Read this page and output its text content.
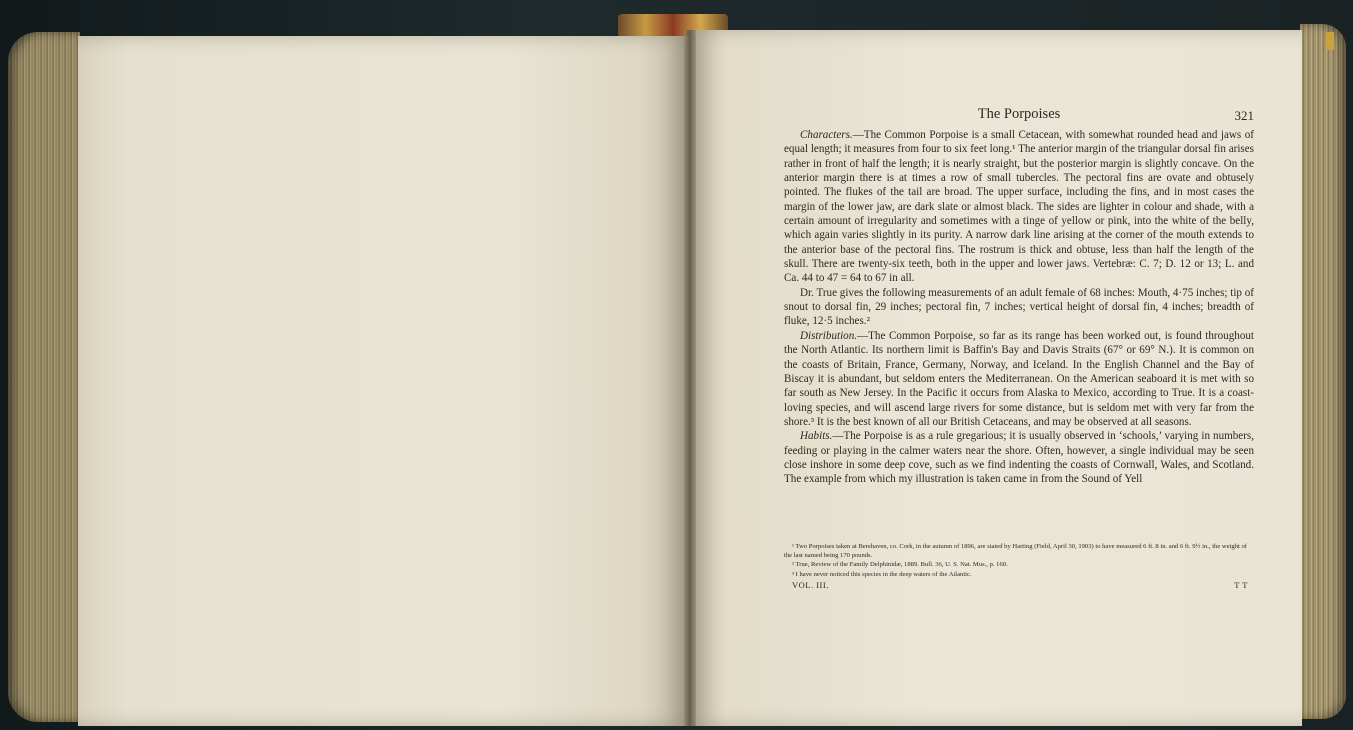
The Porpoises	321

Characters.—The Common Porpoise is a small Cetacean, with somewhat rounded head and jaws of equal length; it measures from four to six feet long.¹ The anterior margin of the triangular dorsal fin arises rather in front of half the length; it is nearly straight, but the posterior margin is slightly concave. On the anterior margin there is at times a row of small tubercles. The pectoral fins are ovate and obtusely pointed. The flukes of the tail are broad. The upper surface, including the fins, and in most cases the margin of the lower jaw, are dark slate or almost black. The sides are lighter in colour and shade, with a certain amount of irregularity and sometimes with a tinge of yellow or pink, into the white of the belly, which again varies slightly in its purity. A narrow dark line arising at the corner of the mouth extends to the anterior base of the pectoral fins. The rostrum is thick and obtuse, less than half the length of the skull. There are twenty-six teeth, both in the upper and lower jaws. Vertebræ: C. 7; D. 12 or 13; L. and Ca. 44 to 47 = 64 to 67 in all.

Dr. True gives the following measurements of an adult female of 68 inches: Mouth, 4·75 inches; tip of snout to dorsal fin, 29 inches; pectoral fin, 7 inches; vertical height of dorsal fin, 4 inches; breadth of fluke, 12·5 inches.²

Distribution.—The Common Porpoise, so far as its range has been worked out, is found throughout the North Atlantic. Its northern limit is Baffin's Bay and Davis Straits (67° or 69° N.). It is common on the coasts of Britain, France, Germany, Norway, and Iceland. In the English Channel and the Bay of Biscay it is abundant, but seldom enters the Mediterranean. On the American seaboard it is met with so far south as New Jersey. In the Pacific it occurs from Alaska to Mexico, according to True. It is a coast-loving species, and will ascend large rivers for some distance, but is seldom met with very far from the shore.³ It is the best known of all our British Cetaceans, and may be observed at all seasons.

Habits.—The Porpoise is as a rule gregarious; it is usually observed in ‘schools,’ varying in numbers, feeding or playing in the calmer waters near the shore. Often, however, a single individual may be seen close inshore in some deep cove, such as we find indenting the coasts of Cornwall, Wales, and Scotland. The example from which my illustration is taken came in from the Sound of Yell

¹ Two Porpoises taken at Berehaven, co. Cork, in the autumn of 1896, are stated by Harting (Field, April 30, 1903) to have measured 6 ft. 8 in. and 6 ft. 9½ in., the weight of the last named being 170 pounds.

² True, Review of the Family Delphinidæ, 1889. Bull. 36, U. S. Nat. Mus., p. 160.

³ I have never noticed this species in the deep waters of the Atlantic.

VOL. III.	T T
